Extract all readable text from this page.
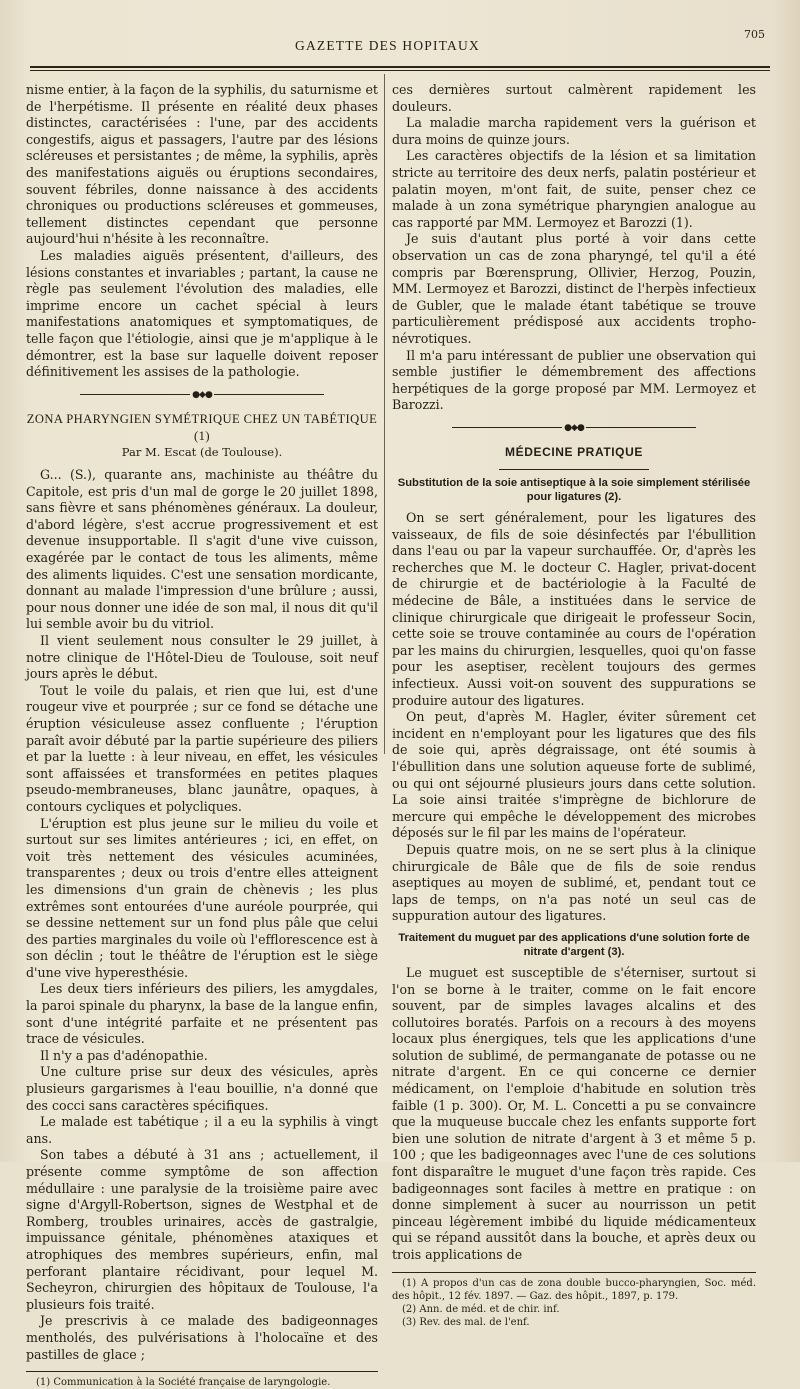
GAZETTE DES HOPITAUX
705

nisme entier, à la façon de la syphilis, du saturnisme et de l'herpétisme. Il présente en réalité deux phases distinctes, caractérisées : l'une, par des accidents congestifs, aigus et passagers, l'autre par des lésions scléreuses et persistantes ; de même, la syphilis, après des manifestations aiguës ou éruptions secondaires, souvent fébriles, donne naissance à des accidents chroniques ou productions scléreuses et gommeuses, tellement distinctes cependant que personne aujourd'hui n'hésite à les reconnaître.

Les maladies aiguës présentent, d'ailleurs, des lésions constantes et invariables ; partant, la cause ne règle pas seulement l'évolution des maladies, elle imprime encore un cachet spécial à leurs manifestations anatomiques et symptomatiques, de telle façon que l'étiologie, ainsi que je m'applique à le démontrer, est la base sur laquelle doivent reposer définitivement les assises de la pathologie.

●◆●
ZONA PHARYNGIEN SYMÉTRIQUE CHEZ UN TABÉTIQUE (1)
Par M. Escat (de Toulouse).

G... (S.), quarante ans, machiniste au théâtre du Capitole, est pris d'un mal de gorge le 20 juillet 1898, sans fièvre et sans phénomènes généraux. La douleur, d'abord légère, s'est accrue progressivement et est devenue insupportable. Il s'agit d'une vive cuisson, exagérée par le contact de tous les aliments, même des aliments liquides. C'est une sensation mordicante, donnant au malade l'impression d'une brûlure ; aussi, pour nous donner une idée de son mal, il nous dit qu'il lui semble avoir bu du vitriol.

Il vient seulement nous consulter le 29 juillet, à notre clinique de l'Hôtel-Dieu de Toulouse, soit neuf jours après le début.

Tout le voile du palais, et rien que lui, est d'une rougeur vive et pourprée ; sur ce fond se détache une éruption vésiculeuse assez confluente ; l'éruption paraît avoir débuté par la partie supérieure des piliers et par la luette : à leur niveau, en effet, les vésicules sont affaissées et transformées en petites plaques pseudo-membraneuses, blanc jaunâtre, opaques, à contours cycliques et polycliques.

L'éruption est plus jeune sur le milieu du voile et surtout sur ses limites antérieures ; ici, en effet, on voit très nettement des vésicules acuminées, transparentes ; deux ou trois d'entre elles atteignent les dimensions d'un grain de chènevis ; les plus extrêmes sont entourées d'une auréole pourprée, qui se dessine nettement sur un fond plus pâle que celui des parties marginales du voile où l'efflorescence est à son déclin ; tout le théâtre de l'éruption est le siège d'une vive hyperesthésie.

Les deux tiers inférieurs des piliers, les amygdales, la paroi spinale du pharynx, la base de la langue enfin, sont d'une intégrité parfaite et ne présentent pas trace de vésicules.

Il n'y a pas d'adénopathie.

Une culture prise sur deux des vésicules, après plusieurs gargarismes à l'eau bouillie, n'a donné que des cocci sans caractères spécifiques.

Le malade est tabétique ; il a eu la syphilis à vingt ans.

Son tabes a débuté à 31 ans ; actuellement, il présente comme symptôme de son affection médullaire : une paralysie de la troisième paire avec signe d'Argyll-Robertson, signes de Westphal et de Romberg, troubles urinaires, accès de gastralgie, impuissance génitale, phénomènes ataxiques et atrophiques des membres supérieurs, enfin, mal perforant plantaire récidivant, pour lequel M. Secheyron, chirurgien des hôpitaux de Toulouse, l'a plusieurs fois traité.

Je prescrivis à ce malade des badigeonnages mentholés, des pulvérisations à l'holocaïne et des pastilles de glace ;

(1) Communication à la Société française de laryngologie.

ces dernières surtout calmèrent rapidement les douleurs.

La maladie marcha rapidement vers la guérison et dura moins de quinze jours.

Les caractères objectifs de la lésion et sa limitation stricte au territoire des deux nerfs, palatin postérieur et palatin moyen, m'ont fait, de suite, penser chez ce malade à un zona symétrique pharyngien analogue au cas rapporté par MM. Lermoyez et Barozzi (1).

Je suis d'autant plus porté à voir dans cette observation un cas de zona pharyngé, tel qu'il a été compris par Bœrensprung, Ollivier, Herzog, Pouzin, MM. Lermoyez et Barozzi, distinct de l'herpès infectieux de Gubler, que le malade étant tabétique se trouve particulièrement prédisposé aux accidents tropho-névrotiques.

Il m'a paru intéressant de publier une observation qui semble justifier le démembrement des affections herpétiques de la gorge proposé par MM. Lermoyez et Barozzi.

●◆●
MÉDECINE PRATIQUE
Substitution de la soie antiseptique à la soie simplement stérilisée pour ligatures (2).

On se sert généralement, pour les ligatures des vaisseaux, de fils de soie désinfectés par l'ébullition dans l'eau ou par la vapeur surchauffée. Or, d'après les recherches que M. le docteur C. Hagler, privat-docent de chirurgie et de bactériologie à la Faculté de médecine de Bâle, a instituées dans le service de clinique chirurgicale que dirigeait le professeur Socin, cette soie se trouve contaminée au cours de l'opération par les mains du chirurgien, lesquelles, quoi qu'on fasse pour les aseptiser, recèlent toujours des germes infectieux. Aussi voit-on souvent des suppurations se produire autour des ligatures.

On peut, d'après M. Hagler, éviter sûrement cet incident en n'employant pour les ligatures que des fils de soie qui, après dégraissage, ont été soumis à l'ébullition dans une solution aqueuse forte de sublimé, ou qui ont séjourné plusieurs jours dans cette solution. La soie ainsi traitée s'imprègne de bichlorure de mercure qui empêche le développement des microbes déposés sur le fil par les mains de l'opérateur.

Depuis quatre mois, on ne se sert plus à la clinique chirurgicale de Bâle que de fils de soie rendus aseptiques au moyen de sublimé, et, pendant tout ce laps de temps, on n'a pas noté un seul cas de suppuration autour des ligatures.

Traitement du muguet par des applications d'une solution forte de nitrate d'argent (3).

Le muguet est susceptible de s'éterniser, surtout si l'on se borne à le traiter, comme on le fait encore souvent, par de simples lavages alcalins et des collutoires boratés. Parfois on a recours à des moyens locaux plus énergiques, tels que les applications d'une solution de sublimé, de permanganate de potasse ou ne nitrate d'argent. En ce qui concerne ce dernier médicament, on l'emploie d'habitude en solution très faible (1 p. 300). Or, M. L. Concetti a pu se convaincre que la muqueuse buccale chez les enfants supporte fort bien une solution de nitrate d'argent à 3 et même 5 p. 100 ; que les badigeonnages avec l'une de ces solutions font disparaître le muguet d'une façon très rapide. Ces badigeonnages sont faciles à mettre en pratique : on donne simplement à sucer au nourrisson un petit pinceau légèrement imbibé du liquide médicamenteux qui se répand aussitôt dans la bouche, et après deux ou trois applications de

(1) A propos d'un cas de zona double bucco-pharyngien, Soc. méd. des hôpit., 12 fév. 1897. — Gaz. des hôpit., 1897, p. 179.

(2) Ann. de méd. et de chir. inf.

(3) Rev. des mal. de l'enf.
